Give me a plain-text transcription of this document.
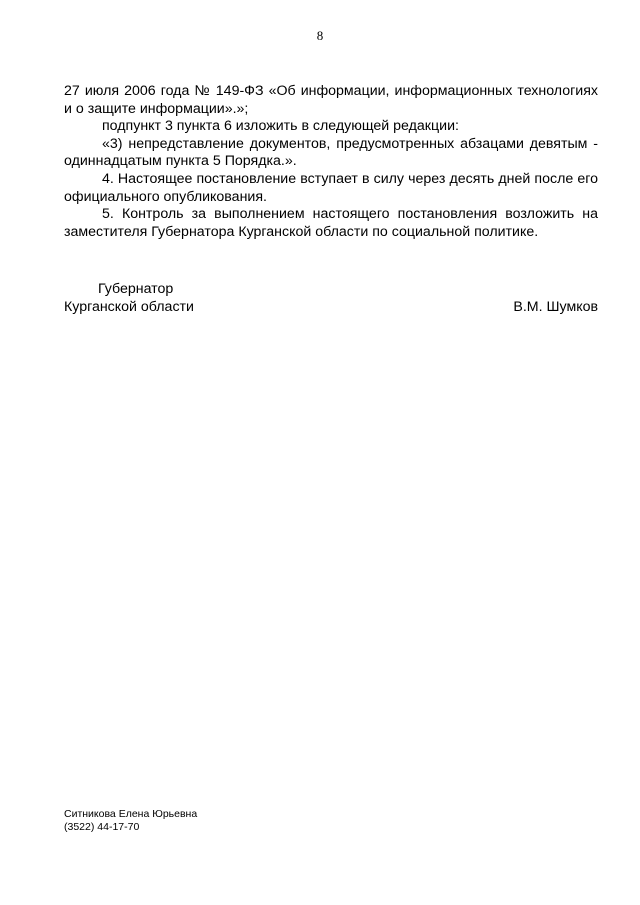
8

27 июля 2006 года № 149-ФЗ «Об информации, информационных технологиях и о защите информации».»;

подпункт 3 пункта 6 изложить в следующей редакции:

«3) непредставление документов, предусмотренных абзацами девятым - одиннадцатым пункта 5 Порядка.».

4. Настоящее постановление вступает в силу через десять дней после его официального опубликования.

5. Контроль за выполнением настоящего постановления возложить на заместителя Губернатора Курганской области по социальной политике.

Губернатор
Курганской области	В.М. Шумков
Ситникова Елена Юрьевна
(3522) 44-17-70
